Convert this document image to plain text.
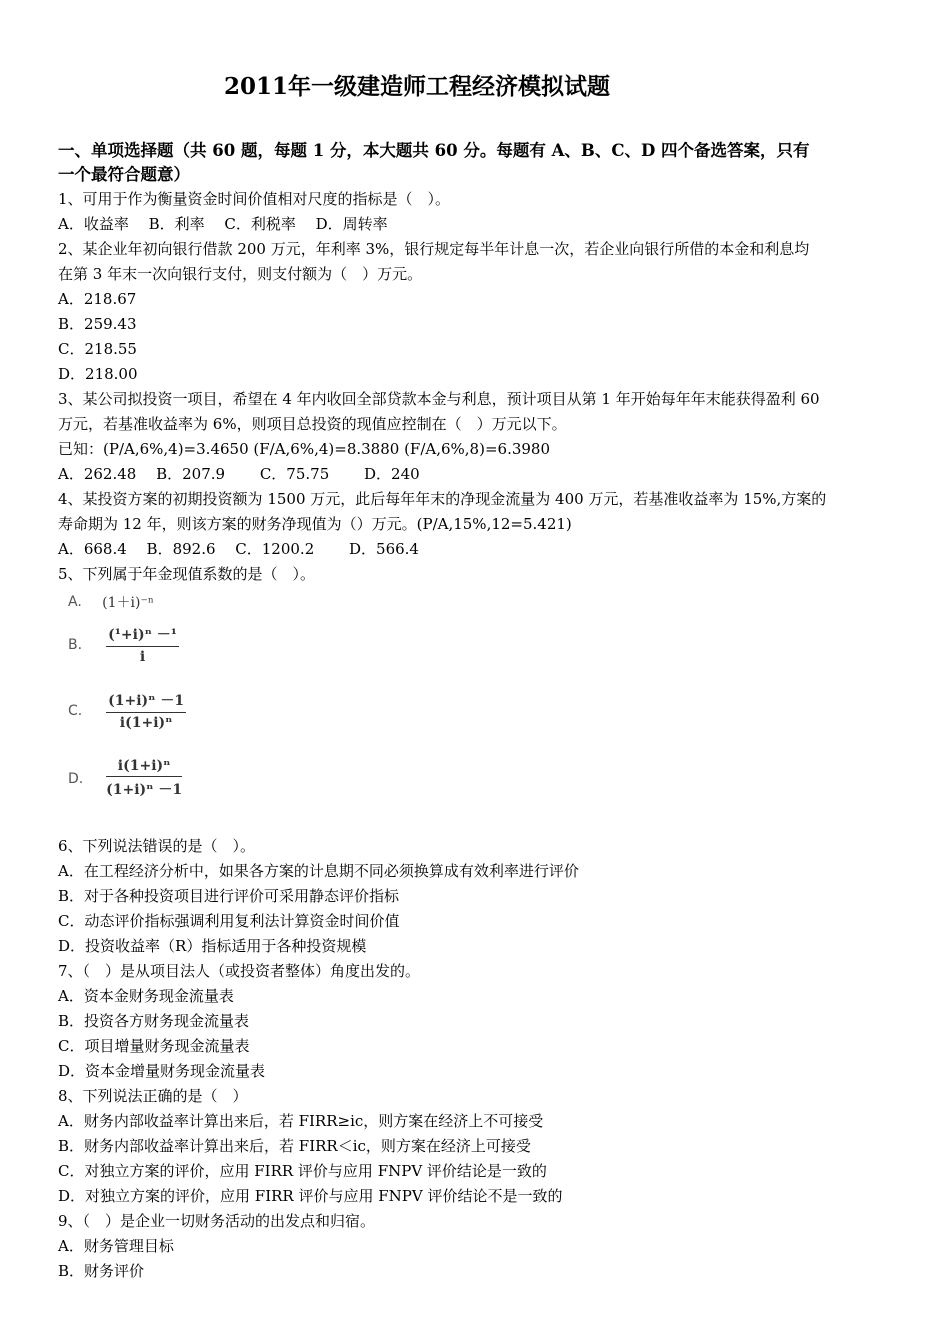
2011年一级建造师工程经济模拟试题
一、单项选择题（共 60 题，每题 1 分，本大题共 60 分。每题有 A、B、C、D 四个备选答案，只有
一个最符合题意）
1、可用于作为衡量资金时间价值相对尺度的指标是（　）。
A．收益率　 B．利率　 C．利税率　 D．周转率
2、某企业年初向银行借款 200 万元，年利率 3%，银行规定每半年计息一次，若企业向银行所借的本金和利息均
在第 3 年末一次向银行支付，则支付额为（　）万元。
A．218.67
B．259.43
C．218.55
D．218.00
3、某公司拟投资一项目，希望在 4 年内收回全部贷款本金与利息，预计项目从第 1 年开始每年年末能获得盈利 60
万元，若基准收益率为 6%，则项目总投资的现值应控制在（　）万元以下。
已知：(P/A,6%,4)=3.4650 (F/A,6%,4)=8.3880 (F/A,6%,8)=6.3980
A．262.48　 B．207.9　　 C．75.75　　 D．240
4、某投资方案的初期投资额为 1500 万元，此后每年年末的净现金流量为 400 万元，若基准收益率为 15%,方案的
寿命期为 12 年，则该方案的财务净现值为（）万元。(P/A,15%,12=5.421)
A．668.4　 B．892.6　 C．1200.2　　 D．566.4
5、下列属于年金现值系数的是（　）。
A. (1＋i)⁻ⁿ
B. $\frac{\text{(¹+i)ⁿ －¹}}{i}$
C. $\frac{\text{(1+i)ⁿ －1}}{\text{i(1+i)ⁿ}}$
D. $\frac{\text{i(1+i)ⁿ}}{\text{(1+i)ⁿ －1}}$
6、下列说法错误的是（　）。
A．在工程经济分析中，如果各方案的计息期不同必须换算成有效利率进行评价
B．对于各种投资项目进行评价可采用静态评价指标
C．动态评价指标强调利用复利法计算资金时间价值
D．投资收益率（R）指标适用于各种投资规模
7、（　）是从项目法人（或投资者整体）角度出发的。
A．资本金财务现金流量表
B．投资各方财务现金流量表
C．项目增量财务现金流量表
D．资本金增量财务现金流量表
8、下列说法正确的是（　）
A．财务内部收益率计算出来后，若 FIRR≥ic，则方案在经济上不可接受
B．财务内部收益率计算出来后，若 FIRR＜ic，则方案在经济上可接受
C．对独立方案的评价，应用 FIRR 评价与应用 FNPV 评价结论是一致的
D．对独立方案的评价，应用 FIRR 评价与应用 FNPV 评价结论不是一致的
9、（　）是企业一切财务活动的出发点和归宿。
A．财务管理目标
B．财务评价
